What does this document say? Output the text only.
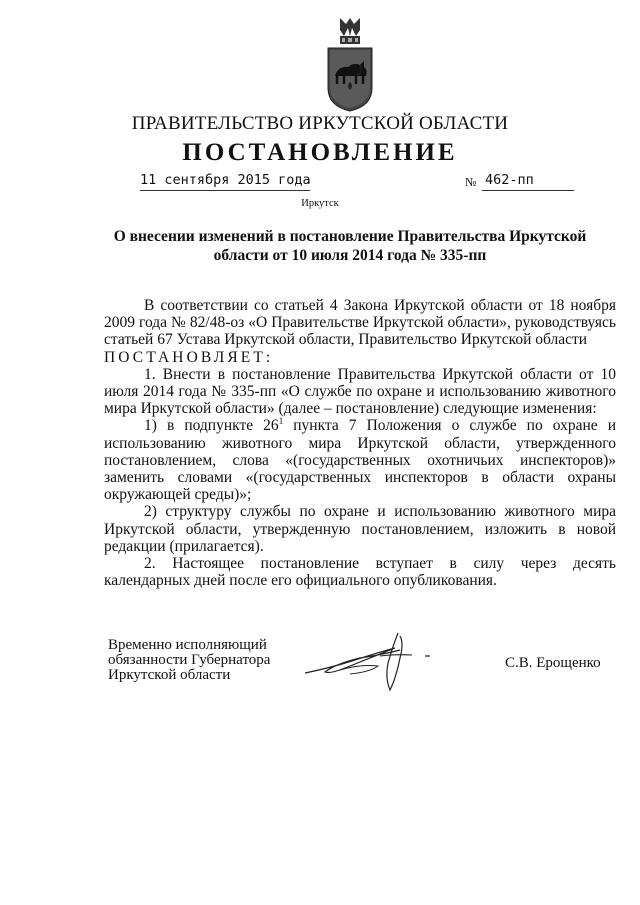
ПРАВИТЕЛЬСТВО ИРКУТСКОЙ ОБЛАСТИ
ПОСТАНОВЛЕНИЕ
11 сентября 2015 года	№ 462-пп
Иркутск
О внесении изменений в постановление Правительства Иркутской области от 10 июля 2014 года № 335-пп

В соответствии со статьей 4 Закона Иркутской области от 18 ноября 2009 года № 82/48-оз «О Правительстве Иркутской области», руководствуясь статьей 67 Устава Иркутской области, Правительство Иркутской области

ПОСТАНОВЛЯЕТ:

1. Внести в постановление Правительства Иркутской области от 10 июля 2014 года № 335-пп «О службе по охране и использованию животного мира Иркутской области» (далее – постановление) следующие изменения:

1) в подпункте $26^1$ пункта 7 Положения о службе по охране и использованию животного мира Иркутской области, утвержденного постановлением, слова «(государственных охотничьих инспекторов)» заменить словами «(государственных инспекторов в области охраны окружающей среды)»;

2) структуру службы по охране и использованию животного мира Иркутской области, утвержденную постановлением, изложить в новой редакции (прилагается).

2. Настоящее постановление вступает в силу через десять календарных дней после его официального опубликования.

Временно исполняющий
обязанности Губернатора
Иркутской области
С.В. Ерощенко
